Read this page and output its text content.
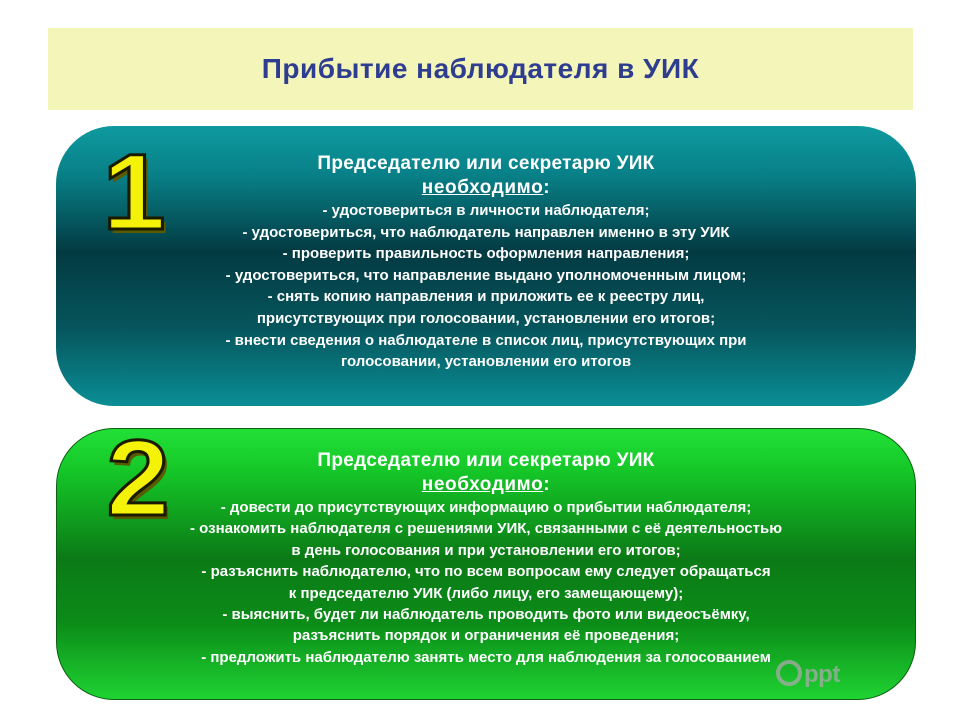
Прибытие наблюдателя в УИК
Председателю или секретарю УИК
необходимо:
- удостовериться в личности наблюдателя;
- удостовериться, что наблюдатель направлен именно в эту УИК
- проверить правильность оформления направления;
- удостовериться, что направление выдано уполномоченным лицом;
- снять копию направления и приложить ее к реестру лиц,
присутствующих при голосовании, установлении его итогов;
- внести сведения о наблюдателе в список лиц, присутствующих при
голосовании, установлении его итогов
Председателю или секретарю УИК
необходимо:
- довести до присутствующих информацию о прибытии наблюдателя;
- ознакомить наблюдателя с решениями УИК, связанными с её деятельностью
в день голосования и при установлении его итогов;
- разъяснить наблюдателю, что по всем вопросам ему следует обращаться
к председателю УИК (либо лицу, его замещающему);
- выяснить, будет ли наблюдатель проводить фото или видеосъёмку,
разъяснить порядок и ограничения её проведения;
- предложить наблюдателю занять место для наблюдения за голосованием
1
2
ppt
